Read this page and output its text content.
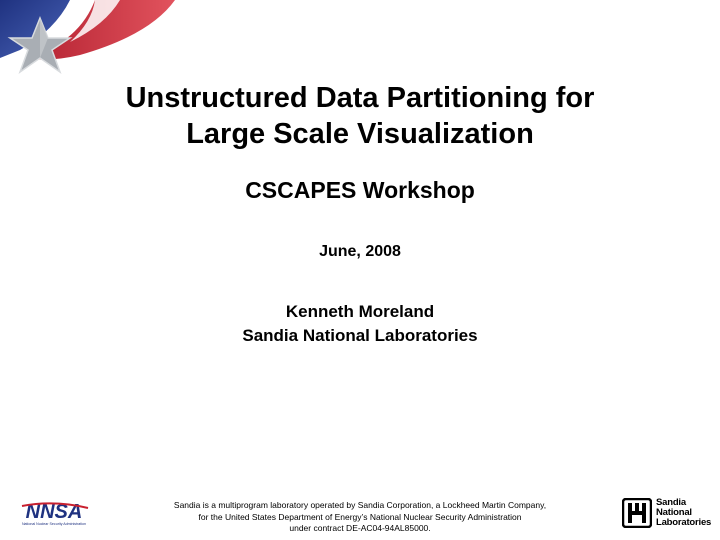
Unstructured Data Partitioning for
Large Scale Visualization
CSCAPES Workshop
June, 2008
Kenneth Moreland
Sandia National Laboratories
NNSA
National Nuclear Security Administration
Sandia is a multiprogram laboratory operated by Sandia Corporation, a Lockheed Martin Company,
for the United States Department of Energy’s National Nuclear Security Administration
under contract DE-AC04-94AL85000.
Sandia
National
Laboratories
